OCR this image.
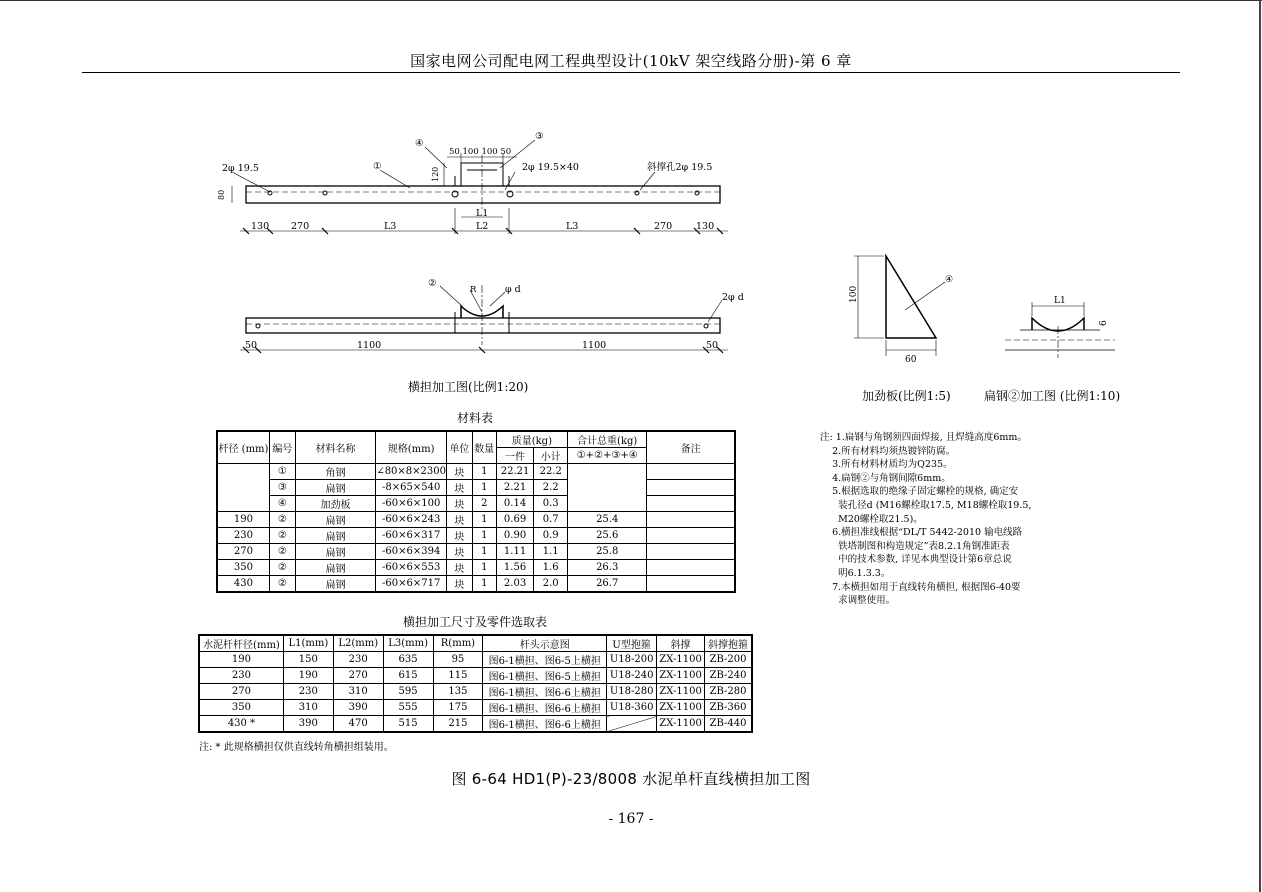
国家电网公司配电网工程典型设计(10kV 架空线路分册)-第 6 章
2φ 19.5	①
④
③
50 100 100 50
2φ 19.5×40	斜撑孔2φ 19.5
80
120
L1
L2
L3	L3
130 270	270	130
②
R	φ d
2φ d
50	1100	1100	50
横担加工图(比例1:20)
100
60
④
加劲板(比例1:5)
L1
6
扁钢②加工图 (比例1:10)
材料表
杆径 (mm)	编号	材料名称	规格(mm)	单位	数量	质量(kg)		合计总重(kg)	备注
						一件	小计	①+②+③+④	
	①	角钢	∠80×8×2300	块	1	22.21	22.2		
	③	扁钢	-8×65×540	块	1	2.21	2.2		
	④	加劲板	-60×6×100	块	2	0.14	0.3		
190	②	扁钢	-60×6×243	块	1	0.69	0.7	25.4	
230	②	扁钢	-60×6×317	块	1	0.90	0.9	25.6	
270	②	扁钢	-60×6×394	块	1	1.11	1.1	25.8	
350	②	扁钢	-60×6×553	块	1	1.56	1.6	26.3	
430	②	扁钢	-60×6×717	块	1	2.03	2.0	26.7	
横担加工尺寸及零件选取表
水泥杆杆径(mm)	L1(mm)	L2(mm)	L3(mm)	R(mm)	杆头示意图	U型抱箍	斜撑	斜撑抱箍
190	150	230	635	95	图6-1横担、图6-5上横担	U18-200	ZX-1100	ZB-200
230	190	270	615	115	图6-1横担、图6-5上横担	U18-240	ZX-1100	ZB-240
270	230	310	595	135	图6-1横担、图6-6上横担	U18-280	ZX-1100	ZB-280
350	310	390	555	175	图6-1横担、图6-6上横担	U18-360	ZX-1100	ZB-360
430 *	390	470	515	215	图6-1横担、图6-6上横担		ZX-1100	ZB-440
注: * 此规格横担仅供直线转角横担组装用。
注: 1.扁钢与角钢须四面焊接, 且焊缝高度6mm。
2.所有材料均须热镀锌防腐。
3.所有材料材质均为Q235。
4.扁钢②与角钢间隙6mm。
5.根据选取的绝缘子固定螺栓的规格, 确定安
装孔径d (M16螺栓取17.5, M18螺栓取19.5,
M20螺栓取21.5)。
6.横担准线根据“DL/T 5442-2010 输电线路
铁塔制图和构造规定”表8.2.1角钢准距表
中的技术参数, 详见本典型设计第6章总说
明6.1.3.3。
7.本横担如用于直线转角横担, 根据图6-40要
求调整使用。
图 6-64 HD1(P)-23/8008 水泥单杆直线横担加工图
- 167 -
